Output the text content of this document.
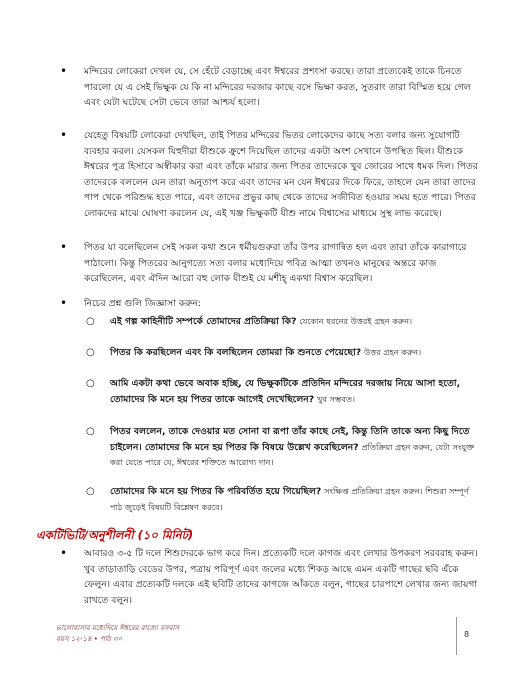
• মন্দিরের লোকেরা দেখল যে, সে হেঁটে বেড়াচ্ছে এবং ঈশ্বরের প্রশংসা করছে। তারা প্রত্যেকেই তাকে চিনতে পারলো যে এ সেই ভিক্ষুক যে কি না মন্দিরের দরজার কাছে বসে ভিক্ষা করত, সুতরাং তারা বিস্মিত হয়ে গেল এবং যেটা ঘটেছে সেটা ভেবে তারা আশ্চর্য হলো।
• যেহেতু বিষয়টি লোকেরা দেখছিল, তাই পিতর মন্দিরের ভিতর লোকেদের কাছে সত্য বলার জন্য সুযোগটি ব্যবহার করল। যেসকল যিহুদীরা যীশুকে ক্রুশে দিয়েছিল তাদের একটা অংশ সেখানে উপস্থিত ছিল। যীশুকে ঈশ্বরের পুত্র হিসাবে অস্বীকার করা এবং তাঁকে মারার জন্য পিতর তাদেরকে খুব জোরের সাথে ধমক দিল। পিতর তাদেরকে বললেন যেন তারা অনুতাপ করে এবং তাদের মন যেন ঈশ্বরের দিকে ফিরে, তাহলে যেন তারা তাদের পাপ থেকে পরিশুদ্ধ হতে পারে, এবং তাদের প্রভুর কাছ থেকে তাদের সজীবিত হওয়ার সময় হতে পারে। পিতর লোকদের মাঝে ঘোষণা করলেন যে, এই খঞ্জ ভিক্ষুকটি যীশু নামে বিশ্বাসের মাধ্যমে সুস্থ লাভ করেছে।
• পিতর যা বলেছিলেন সেই সকল কথা শুনে ধর্মীয়গুরুরা তাঁর উপর রাগান্বিত হল এবং তারা তাঁকে কারাগারে পাঠালো। কিন্তু পিতরের আনুগত্যে সত্য বলার মধ্যেদিয়ে পবিত্র আত্মা তখনও মানুষের অন্তরে কাজ করেছিলেন, এবং ঐদিন আরো বহু লোক যীশুই যে মশীহ্‌ একথা বিশ্বাস করেছিল।
• নিচের প্রশ্ন গুলি জিজ্ঞাসা করুন:
○ এই গল্প কাহিনীটি সম্পর্কে তোমাদের প্রতিক্রিয়া কি? যেকোন ধরনের উত্তরই গ্রহন করুন।
○ পিতর কি করছিলেন এবং কি বলছিলেন তোমরা কি শুনতে পেয়েছো? উত্তর গ্রহন করুন।
○ আমি একটা কথা ভেবে অবাক হচ্ছি, যে ভিক্ষুকটিকে প্রতিদিন মন্দিরের দরজায় নিয়ে আসা হতো, তোমাদের কি মনে হয় পিতর তাকে আগেই দেখেছিলেন? খুব সম্ভবত।
○ পিতর বললেন, তাকে দেওয়ার মত সোনা বা রূপা তাঁর কাছে নেই, কিন্তু তিনি তাকে অন্য কিছু দিতে চাইলেন। তোমাদের কি মনে হয় পিতর কি বিষয়ে উল্লেখ করেছিলেন? প্রতিক্রিয়া গ্রহন করুন, যেটা সংযুক্ত করা যেতে পারে যে, ঈশ্বরের শক্তিতে আরোগ্য দান।
○ তোমাদের কি মনে হয় পিতর কি পরিবর্তিত হয়ে গিয়েছিল? সংক্ষিপ্ত প্রতিক্রিয়া গ্রহন করুন। শিশুরা সম্পূর্ণ পাঠ জুড়েই বিষয়টি বিশ্লেষণ করবে।
একটিভিটি/অনুশীলনী (১০ মিনিট)
• আবারও ৩-৫ টি দলে শিশুদেরকে ভাগ করে দিন। প্রত্যেকটি দলে কাগজ এবং লেখার উপকরণ সরবরাহ করুন। খুব তাড়াতাড়ি বেডের উপর, পত্রায় পরিপূর্ণ এবং জলের মধ্যে শিকড় আছে এমন একটি গাছের ছবি এঁকে ফেলুন। এবার প্রত্যেকটি দলকে এই ছবিটি তাদের কাগজে আঁকতে বলুন, গাছের চারপাশে লেখার জন্য জায়গা রাখতে বলুন।
ভালোবাসার মধ্যেদিয়ে ঈশ্বরের রাজ্যে বসবাস
বয়স ১২-১৪ • পাঠ ৩০	8
